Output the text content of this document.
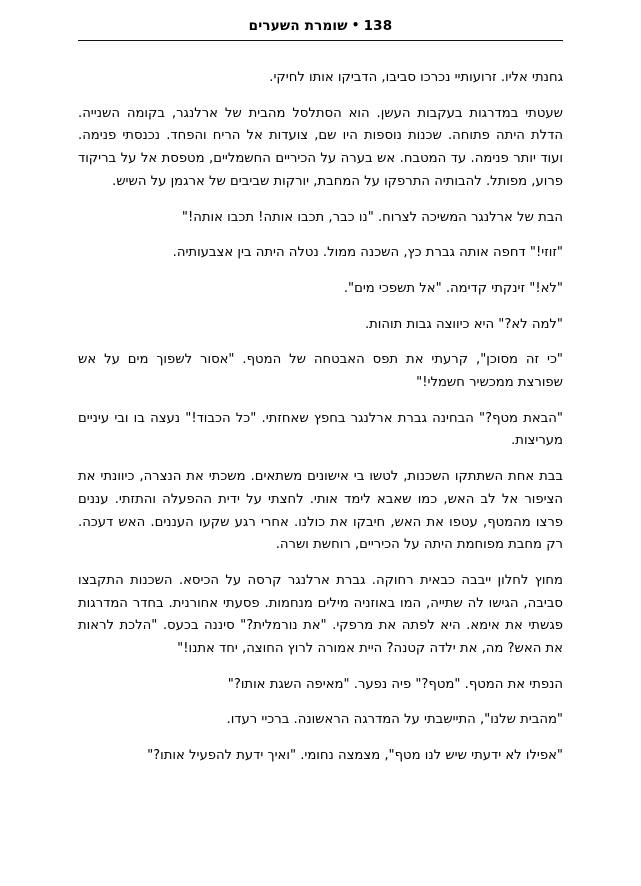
138•שומרת השערים

גחנתי אליו. זרועותיי נכרכו סביבו, הדביקו אותו לחיקי.

שעטתי במדרגות בעקבות העשן. הוא הסתלסל מהבית של ארלנגר, בקומה השנייה. הדלת היתה פתוחה. שכנות נוספות היו שם, צועדות אל הריח והפחד. נכנסתי פנימה. ועוד יותר פנימה. עד המטבח. אש בערה על הכיריים החשמליים, מטפסת אל על בריקוד פרוע, מפותל. להבותיה התרפקו על המחבת, יורקות שביבים של ארגמן על השיש.

הבת של ארלנגר המשיכה לצרוח. "נו כבר, תכבו אותה! תכבו אותה!"

"זוזי!" דחפה אותה גברת כץ, השכנה ממול. נטלה היתה בין אצבעותיה.

"לא!" זינקתי קדימה. "אל תשפכי מים".

"למה לא?" היא כיווצה גבות תוהות.

"כי זה מסוכן", קרעתי את תפס האבטחה של המטף. "אסור לשפוך מים על אש שפורצת ממכשיר חשמלי!"

"הבאת מטף?" הבחינה גברת ארלנגר בחפץ שאחזתי. "כל הכבוד!" נעצה בו ובי עיניים מעריצות.

בבת אחת השתתקו השכנות, לטשו בי אישונים משתאים. משכתי את הנצרה, כיוונתי את הציפור אל לב האש, כמו שאבא לימד אותי. לחצתי על ידית ההפעלה והתזתי. עננים פרצו מהמטף, עטפו את האש, חיבקו את כולנו. אחרי רגע שקעו העננים. האש דעכה. רק מחבת מפוחמת היתה על הכיריים, רוחשת ושרה.

מחוץ לחלון ייבבה כבאית רחוקה. גברת ארלנגר קרסה על הכיסא. השכנות התקבצו סביבה, הגישו לה שתייה, המו באוזניה מילים מנחמות. פסעתי אחורנית. בחדר המדרגות פגשתי את אימא. היא לפתה את מרפקי. "את נורמלית?" סיננה בכעס. "הלכת לראות את האש? מה, את ילדה קטנה? היית אמורה לרוץ החוצה, יחד אתנו!"

הנפתי את המטף. "מטף?" פיה נפער. "מאיפה השגת אותו?"

"מהבית שלנו", התיישבתי על המדרגה הראשונה. ברכיי רעדו.

"אפילו לא ידעתי שיש לנו מטף", מצמצה נחומי. "ואיך ידעת להפעיל אותו?"
